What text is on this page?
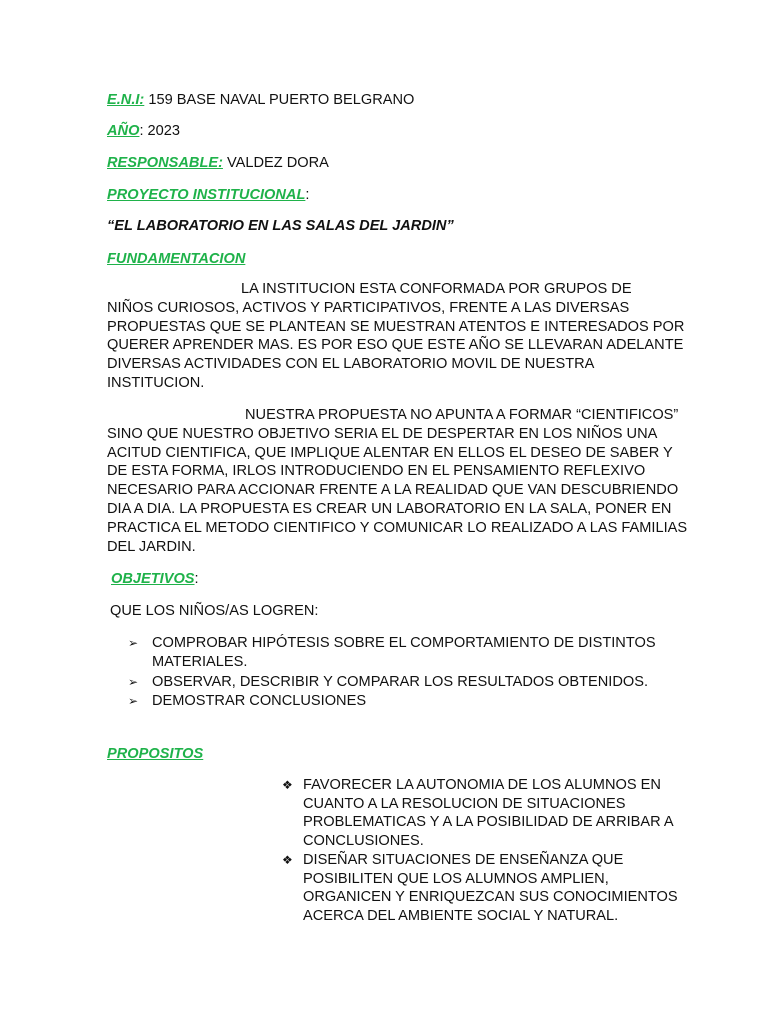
E.N.I: 159 BASE NAVAL PUERTO BELGRANO
AÑO: 2023
RESPONSABLE: VALDEZ DORA
PROYECTO INSTITUCIONAL:
“EL LABORATORIO EN LAS SALAS DEL JARDIN”
FUNDAMENTACION
LA INSTITUCION ESTA CONFORMADA POR GRUPOS DE
NIÑOS CURIOSOS, ACTIVOS Y PARTICIPATIVOS, FRENTE A LAS DIVERSAS
PROPUESTAS QUE SE PLANTEAN SE MUESTRAN ATENTOS E INTERESADOS POR
QUERER APRENDER MAS. ES POR ESO QUE ESTE AÑO SE LLEVARAN ADELANTE
DIVERSAS ACTIVIDADES CON EL LABORATORIO MOVIL DE NUESTRA
INSTITUCION.
NUESTRA PROPUESTA NO APUNTA A FORMAR “CIENTIFICOS”
SINO QUE NUESTRO OBJETIVO SERIA EL DE DESPERTAR EN LOS NIÑOS UNA
ACITUD CIENTIFICA, QUE IMPLIQUE ALENTAR EN ELLOS EL DESEO DE SABER Y
DE ESTA FORMA, IRLOS INTRODUCIENDO EN EL PENSAMIENTO REFLEXIVO
NECESARIO PARA ACCIONAR FRENTE A LA REALIDAD QUE VAN DESCUBRIENDO
DIA A DIA. LA PROPUESTA ES CREAR UN LABORATORIO EN LA SALA, PONER EN
PRACTICA EL METODO CIENTIFICO Y COMUNICAR LO REALIZADO A LAS FAMILIAS
DEL JARDIN.
OBJETIVOS:
QUE LOS NIÑOS/AS LOGREN:
➢ COMPROBAR HIPÓTESIS SOBRE EL COMPORTAMIENTO DE DISTINTOS
MATERIALES.
➢ OBSERVAR, DESCRIBIR Y COMPARAR LOS RESULTADOS OBTENIDOS.
➢ DEMOSTRAR CONCLUSIONES
PROPOSITOS
❖ FAVORECER LA AUTONOMIA DE LOS ALUMNOS EN
CUANTO A LA RESOLUCION DE SITUACIONES
PROBLEMATICAS Y A LA POSIBILIDAD DE ARRIBAR A
CONCLUSIONES.
❖ DISEÑAR SITUACIONES DE ENSEÑANZA QUE
POSIBILITEN QUE LOS ALUMNOS AMPLIEN,
ORGANICEN Y ENRIQUEZCAN SUS CONOCIMIENTOS
ACERCA DEL AMBIENTE SOCIAL Y NATURAL.
